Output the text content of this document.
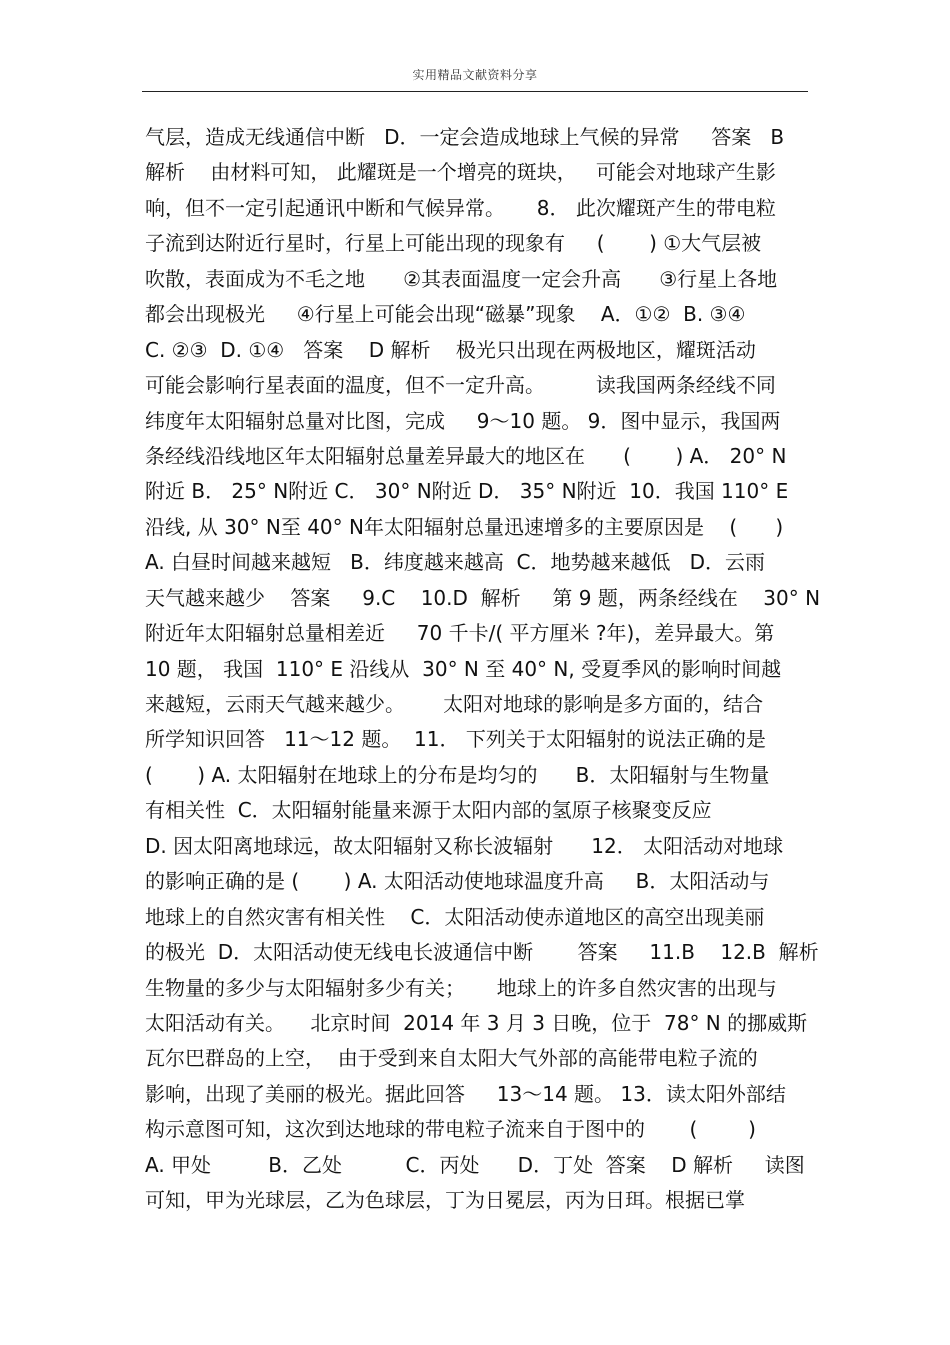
实用精品文献资料分享
气层，造成无线通信中断   D．一定会造成地球上气候的异常     答案   B
解析    由材料可知， 此耀斑是一个增亮的斑块，   可能会对地球产生影
响，但不一定引起通讯中断和气候异常。     8． 此次耀斑产生的带电粒
子流到达附近行星时，行星上可能出现的现象有     (       ) ①大气层被
吹散，表面成为不毛之地      ②其表面温度一定会升高      ③行星上各地
都会出现极光     ④行星上可能会出现“磁暴”现象    A．①②  B. ③④
C. ②③  D. ①④   答案    D 解析    极光只出现在两极地区，耀斑活动
可能会影响行星表面的温度，但不一定升高。        读我国两条经线不同
纬度年太阳辐射总量对比图，完成     9～10 题。 9．图中显示，我国两
条经线沿线地区年太阳辐射总量差异最大的地区在      (       ) A． 20° N
附近 B． 25° N附近 C． 30° N附近 D． 35° N附近  10．我国 110° E
沿线, 从 30° N至 40° N年太阳辐射总量迅速增多的主要原因是    (      )
A. 白昼时间越来越短   B．纬度越来越高  C．地势越来越低   D．云雨
天气越来越少    答案     9.C    10.D  解析     第 9 题，两条经线在    30° N
附近年太阳辐射总量相差近     70 千卡/( 平方厘米 ?年)，差异最大。第
10 题， 我国  110° E 沿线从  30° N 至 40° N, 受夏季风的影响时间越
来越短，云雨天气越来越少。      太阳对地球的影响是多方面的，结合
所学知识回答   11～12 题。  11． 下列关于太阳辐射的说法正确的是
(       ) A. 太阳辐射在地球上的分布是均匀的      B．太阳辐射与生物量
有相关性  C．太阳辐射能量来源于太阳内部的氢原子核聚变反应
D. 因太阳离地球远，故太阳辐射又称长波辐射      12． 太阳活动对地球
的影响正确的是 (       ) A. 太阳活动使地球温度升高     B．太阳活动与
地球上的自然灾害有相关性    C．太阳活动使赤道地区的高空出现美丽
的极光  D．太阳活动使无线电长波通信中断       答案     11.B    12.B  解析
生物量的多少与太阳辐射多少有关；     地球上的许多自然灾害的出现与
太阳活动有关。    北京时间  2014 年 3 月 3 日晚，位于  78° N 的挪威斯
瓦尔巴群岛的上空，  由于受到来自太阳大气外部的高能带电粒子流的
影响，出现了美丽的极光。据此回答     13～14 题。 13．读太阳外部结
构示意图可知，这次到达地球的带电粒子流来自于图中的       (        )
A. 甲处         B．乙处          C．丙处      D．丁处  答案    D 解析     读图
可知，甲为光球层，乙为色球层，丁为日冕层，丙为日珥。根据已掌
